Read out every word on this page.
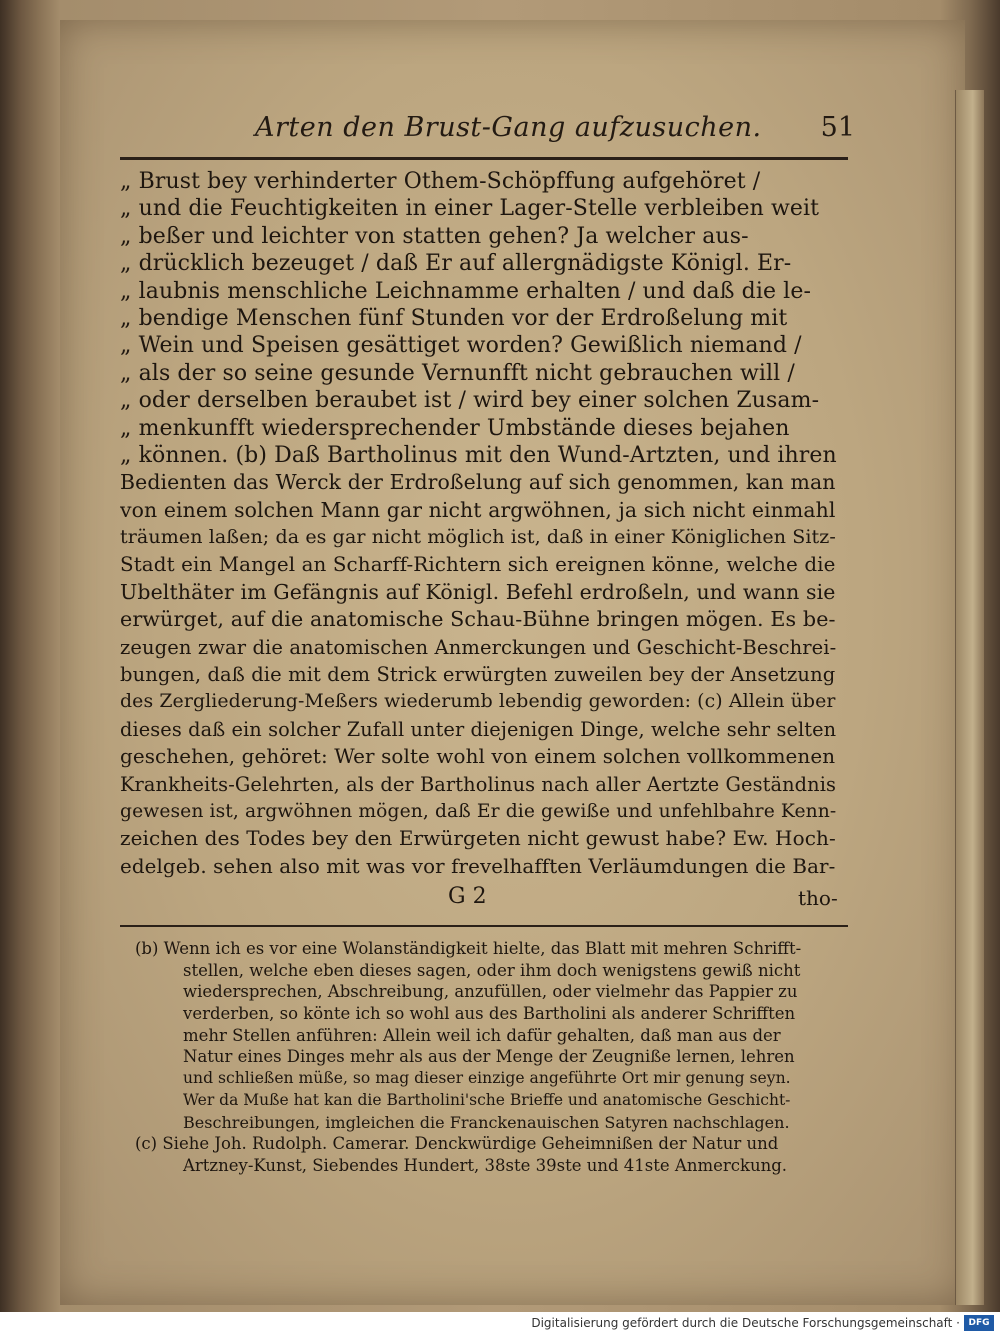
Arten den Brust-Gang aufzusuchen. 51
„ Brust bey verhinderter Othem-Schöpffung aufgehöret /
„ und die Feuchtigkeiten in einer Lager-Stelle verbleiben weit
„ beßer und leichter von statten gehen? Ja welcher aus-
„ drücklich bezeuget / daß Er auf allergnädigste Königl. Er-
„ laubnis menschliche Leichnamme erhalten / und daß die le-
„ bendige Menschen fünf Stunden vor der Erdroßelung mit
„ Wein und Speisen gesättiget worden? Gewißlich niemand /
„ als der so seine gesunde Vernunfft nicht gebrauchen will /
„ oder derselben beraubet ist / wird bey einer solchen Zusam-
„ menkunfft wiedersprechender Umbstände dieses bejahen
„ können. (b) Daß Bartholinus mit den Wund-Artzten, und ihren
Bedienten das Werck der Erdroßelung auf sich genommen, kan man
von einem solchen Mann gar nicht argwöhnen, ja sich nicht einmahl
träumen laßen; da es gar nicht möglich ist, daß in einer Königlichen Sitz-
Stadt ein Mangel an Scharff-Richtern sich ereignen könne, welche die
Ubelthäter im Gefängnis auf Königl. Befehl erdroßeln, und wann sie
erwürget, auf die anatomische Schau-Bühne bringen mögen. Es be-
zeugen zwar die anatomischen Anmerckungen und Geschicht-Beschrei-
bungen, daß die mit dem Strick erwürgten zuweilen bey der Ansetzung
des Zergliederung-Meßers wiederumb lebendig geworden: (c) Allein über
dieses daß ein solcher Zufall unter diejenigen Dinge, welche sehr selten
geschehen, gehöret: Wer solte wohl von einem solchen vollkommenen
Krankheits-Gelehrten, als der Bartholinus nach aller Aertzte Geständnis
gewesen ist, argwöhnen mögen, daß Er die gewiße und unfehlbahre Kenn-
zeichen des Todes bey den Erwürgeten nicht gewust habe? Ew. Hoch-
edelgeb. sehen also mit was vor frevelhafften Verläumdungen die Bar-
G 2	tho-
(b) Wenn ich es vor eine Wolanständigkeit hielte, das Blatt mit mehren Schrifft-
stellen, welche eben dieses sagen, oder ihm doch wenigstens gewiß nicht
wiedersprechen, Abschreibung, anzufüllen, oder vielmehr das Pappier zu
verderben, so könte ich so wohl aus des Bartholini als anderer Schrifften
mehr Stellen anführen: Allein weil ich dafür gehalten, daß man aus der
Natur eines Dinges mehr als aus der Menge der Zeugniße lernen, lehren
und schließen müße, so mag dieser einzige angeführte Ort mir genung seyn.
Wer da Muße hat kan die Bartholini'sche Brieffe und anatomische Geschicht-
Beschreibungen, imgleichen die Franckenauischen Satyren nachschlagen.
(c) Siehe Joh. Rudolph. Camerar. Denckwürdige Geheimnißen der Natur und
Artzney-Kunst, Siebendes Hundert, 38ste 39ste und 41ste Anmerckung.
Digitalisierung gefördert durch die Deutsche Forschungsgemeinschaft · DFG
